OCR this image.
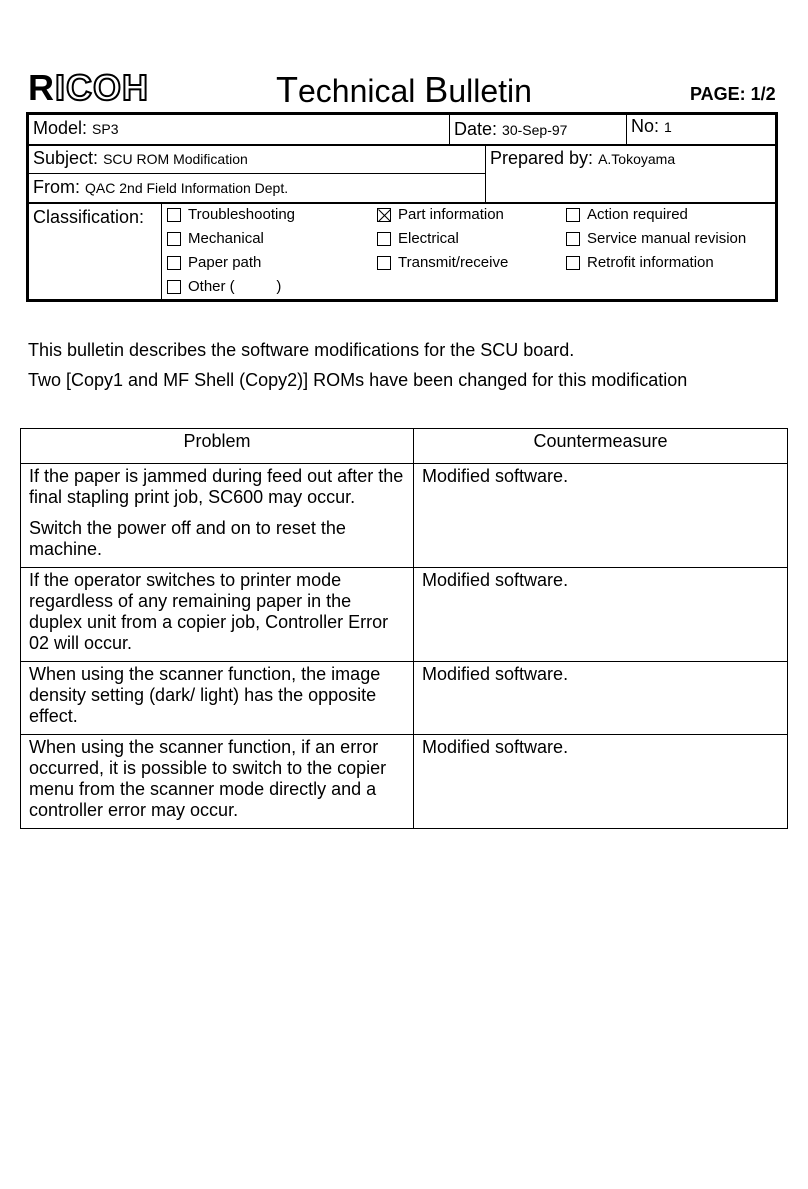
RICOH	Technical Bulletin	PAGE: 1/2
Model: SP3	Date: 30-Sep-97	No: 1
Subject: SCU ROM Modification	Prepared by: A.Tokoyama
From: QAC 2nd Field Information Dept.
Classification:	Troubleshooting	Part information	Action required
Mechanical	Electrical	Service manual revision
Paper path	Transmit/receive	Retrofit information
Other (          )
This bulletin describes the software modifications for the SCU board.
Two [Copy1 and MF Shell (Copy2)] ROMs have been changed for this modification
Problem	Countermeasure

If the paper is jammed during feed out after the final stapling print job, SC600 may occur.

Switch the power off and on to reset the machine.	Modified software.

If the operator switches to printer mode regardless of any remaining paper in the duplex unit from a copier job, Controller Error 02 will occur.	Modified software.

When using the scanner function, the image density setting (dark/ light) has the opposite effect.	Modified software.

When using the scanner function, if an error occurred, it is possible to switch to the copier menu from the scanner mode directly and a controller error may occur.	Modified software.
